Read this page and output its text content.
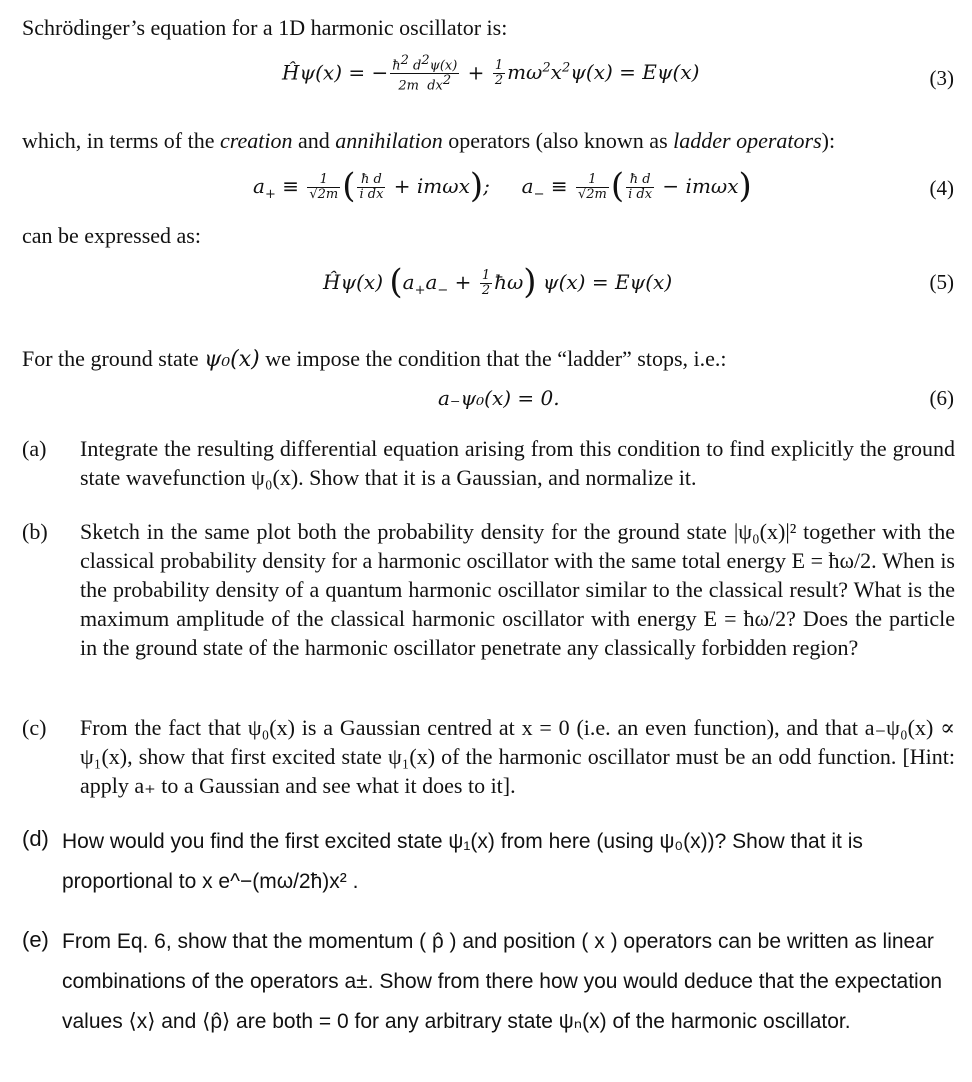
Schrödinger’s equation for a 1D harmonic oscillator is:
Ĥψ(x) = − $\frac{ħ^2 d^2\psi(x)}{2m dx^2} + \frac{1}{2} m\omega^2x^2\psi(x) = E\psi(x)$	(3)
which, in terms of the creation and annihilation operators (also known as ladder operators):
$a_+ \equiv \frac{1}{√2m}$ ( $\frac{\text{ħ d}}{\text{i dx}} + im\omega x$);     $a_- \equiv \frac{1}{√2m}$ ( $\frac{\text{ħ d}}{\text{i dx}} - im\omega x$)	(4)
can be expressed as:
Ĥψ(x) ($a_+a_- + \frac{1}{2}$ ħω) ψ(x) = Eψ(x)	(5)
For the ground state ψ₀(x) we impose the condition that the “ladder” stops, i.e.:
a₋ψ₀(x) = 0.	(6)
(a)
(b)
(c)
(d)
(e)
Integrate the resulting differential equation arising from this condition to find explicitly the ground state wavefunction ψ₀(x). Show that it is a Gaussian, and normalize it.
Sketch in the same plot both the probability density for the ground state |ψ₀(x)|² together with the classical probability density for a harmonic oscillator with the same total energy E = ħω/2. When is the probability density of a quantum harmonic oscillator similar to the classical result? What is the maximum amplitude of the classical harmonic oscillator with energy E = ħω/2? Does the particle in the ground state of the harmonic oscillator penetrate any classically forbidden region?
From the fact that ψ₀(x) is a Gaussian centred at x = 0 (i.e. an even function), and that a₋ψ₀(x) ∝ ψ₁(x), show that first excited state ψ₁(x) of the harmonic oscillator must be an odd function. [Hint: apply a₊ to a Gaussian and see what it does to it].
How would you find the first excited state ψ₁(x) from here (using ψ₀(x))? Show that it is proportional to x e^−(mω/2ħ)x² .
From Eq. 6, show that the momentum ( p̂ ) and position ( x ) operators can be written as linear combinations of the operators a±. Show from there how you would deduce that the expectation values ⟨x⟩ and ⟨p̂⟩ are both = 0 for any arbitrary state ψₙ(x) of the harmonic oscillator.
